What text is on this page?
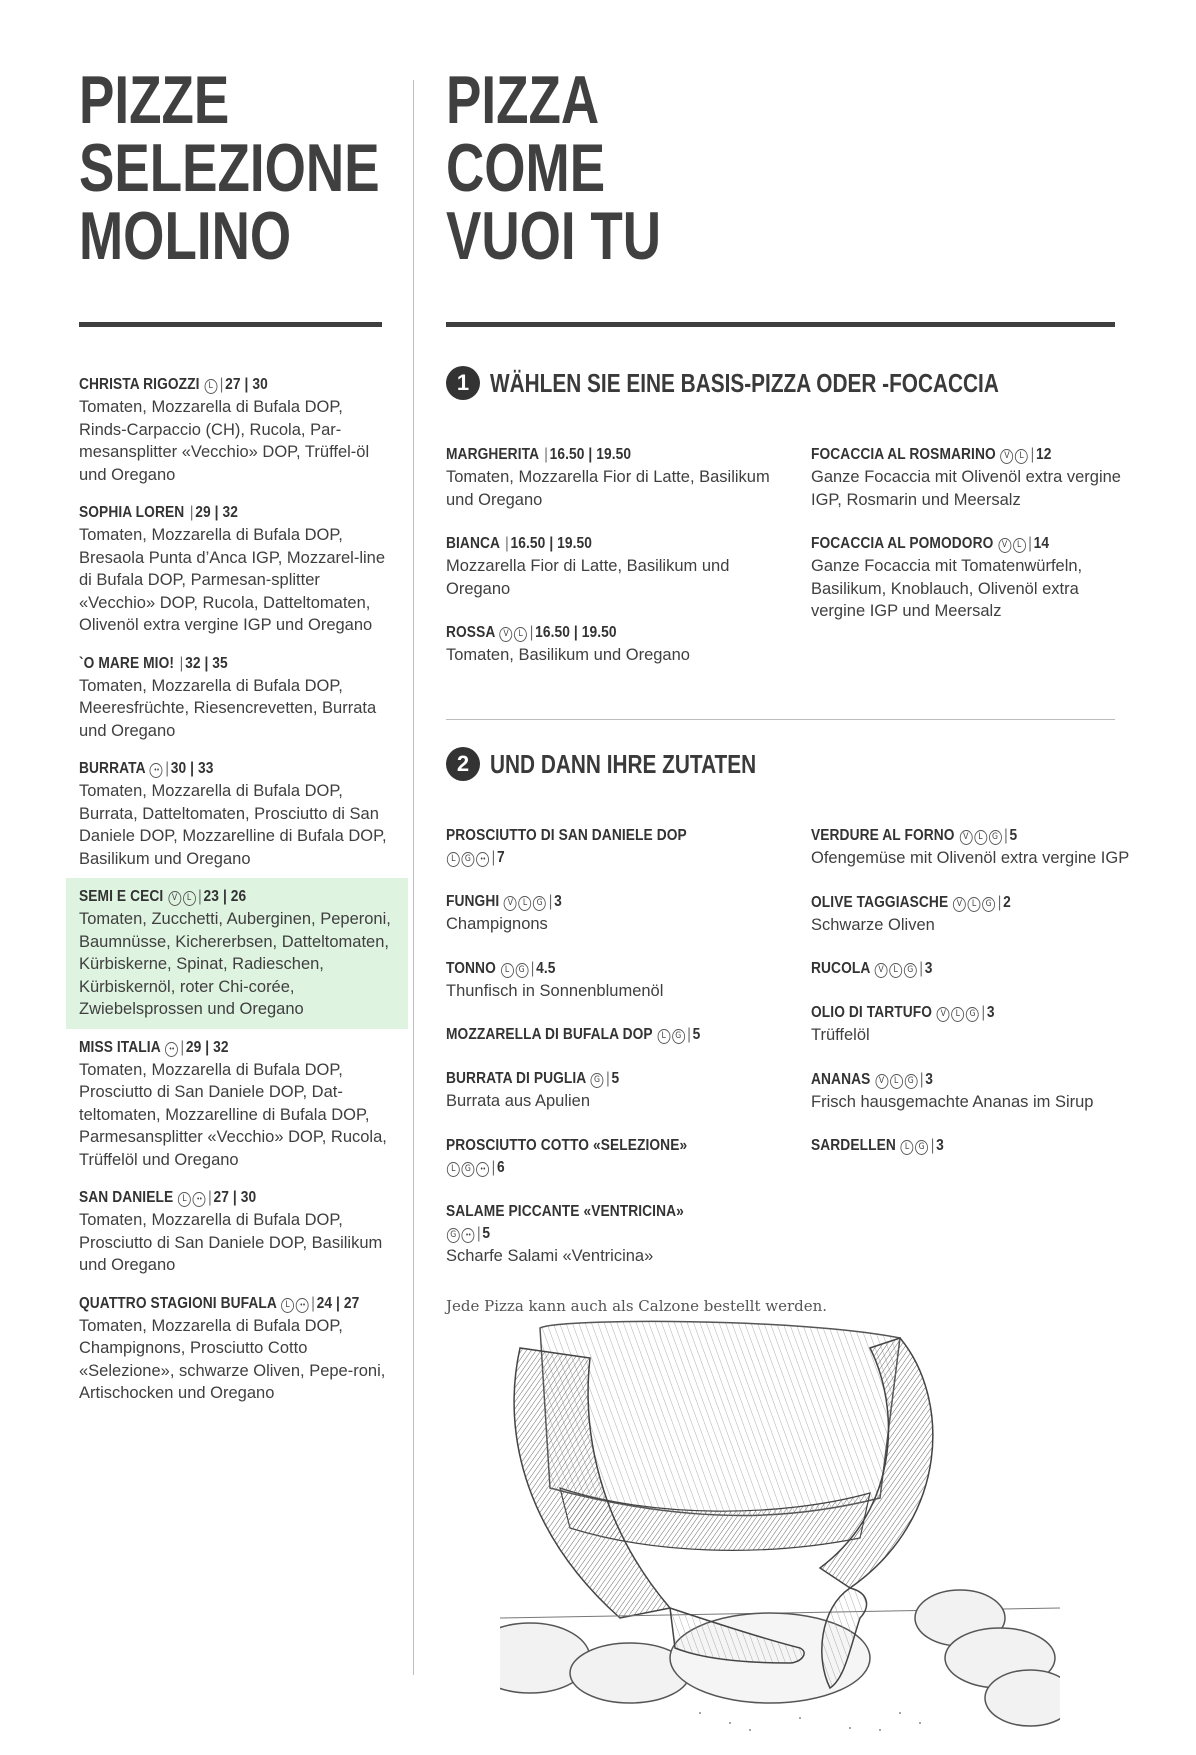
PIZZE
SELEZIONE
MOLINO
PIZZA
COME
VUOI TU
CHRISTA RIGOZZI L | 27 | 30
Tomaten, Mozzarella di Bufala DOP, Rinds-Carpaccio (CH), Rucola, Par-mesansplitter «Vecchio» DOP, Trüffel-öl und Oregano
SOPHIA LOREN | 29 | 32
Tomaten, Mozzarella di Bufala DOP, Bresaola Punta d’Anca IGP, Mozzarel-line di Bufala DOP, Parmesan-splitter «Vecchio» DOP, Rucola, Datteltomaten, Olivenöl extra vergine IGP und Oregano
`O MARE MIO! | 32 | 35
Tomaten, Mozzarella di Bufala DOP, Meeresfrüchte, Riesencrevetten, Burrata und Oregano
BURRATA •• | 30 | 33
Tomaten, Mozzarella di Bufala DOP, Burrata, Datteltomaten, Prosciutto di San Daniele DOP, Mozzarelline di Bufala DOP, Basilikum und Oregano
SEMI E CECI V L | 23 | 26
Tomaten, Zucchetti, Auberginen, Peperoni, Baumnüsse, Kichererbsen, Datteltomaten, Kürbiskerne, Spinat, Radieschen, Kürbiskernöl, roter Chi-corée, Zwiebelsprossen und Oregano
MISS ITALIA •• | 29 | 32
Tomaten, Mozzarella di Bufala DOP, Prosciutto di San Daniele DOP, Dat-teltomaten, Mozzarelline di Bufala DOP, Parmesansplitter «Vecchio» DOP, Rucola, Trüffelöl und Oregano
SAN DANIELE L •• | 27 | 30
Tomaten, Mozzarella di Bufala DOP, Prosciutto di San Daniele DOP, Basilikum und Oregano
QUATTRO STAGIONI BUFALA L •• | 24 | 27
Tomaten, Mozzarella di Bufala DOP, Champignons, Prosciutto Cotto «Selezione», schwarze Oliven, Pepe-roni, Artischocken und Oregano
1 WÄHLEN SIE EINE BASIS-PIZZA ODER -FOCACCIA
MARGHERITA | 16.50 | 19.50
Tomaten, Mozzarella Fior di Latte, Basilikum und Oregano
BIANCA | 16.50 | 19.50
Mozzarella Fior di Latte, Basilikum und Oregano
ROSSA V L | 16.50 | 19.50
Tomaten, Basilikum und Oregano
FOCACCIA AL ROSMARINO V L | 12
Ganze Focaccia mit Olivenöl extra vergine IGP, Rosmarin und Meersalz
FOCACCIA AL POMODORO V L | 14
Ganze Focaccia mit Tomatenwürfeln, Basilikum, Knoblauch, Olivenöl extra vergine IGP und Meersalz
2 UND DANN IHRE ZUTATEN
PROSCIUTTO DI SAN DANIELE DOP
L G •• | 7
FUNGHI V L G | 3
Champignons
TONNO L G | 4.5
Thunfisch in Sonnenblumenöl
MOZZARELLA DI BUFALA DOP L G | 5
BURRATA DI PUGLIA G | 5
Burrata aus Apulien
PROSCIUTTO COTTO «SELEZIONE»
L G •• | 6
SALAME PICCANTE «VENTRICINA»
G •• | 5
Scharfe Salami «Ventricina»
VERDURE AL FORNO V L G | 5
Ofengemüse mit Olivenöl extra vergine IGP
OLIVE TAGGIASCHE V L G | 2
Schwarze Oliven
RUCOLA V L G | 3
OLIO DI TARTUFO V L G | 3
Trüffelöl
ANANAS V L G | 3
Frisch hausgemachte Ananas im Sirup
SARDELLEN L G | 3
Jede Pizza kann auch als Calzone bestellt werden.
